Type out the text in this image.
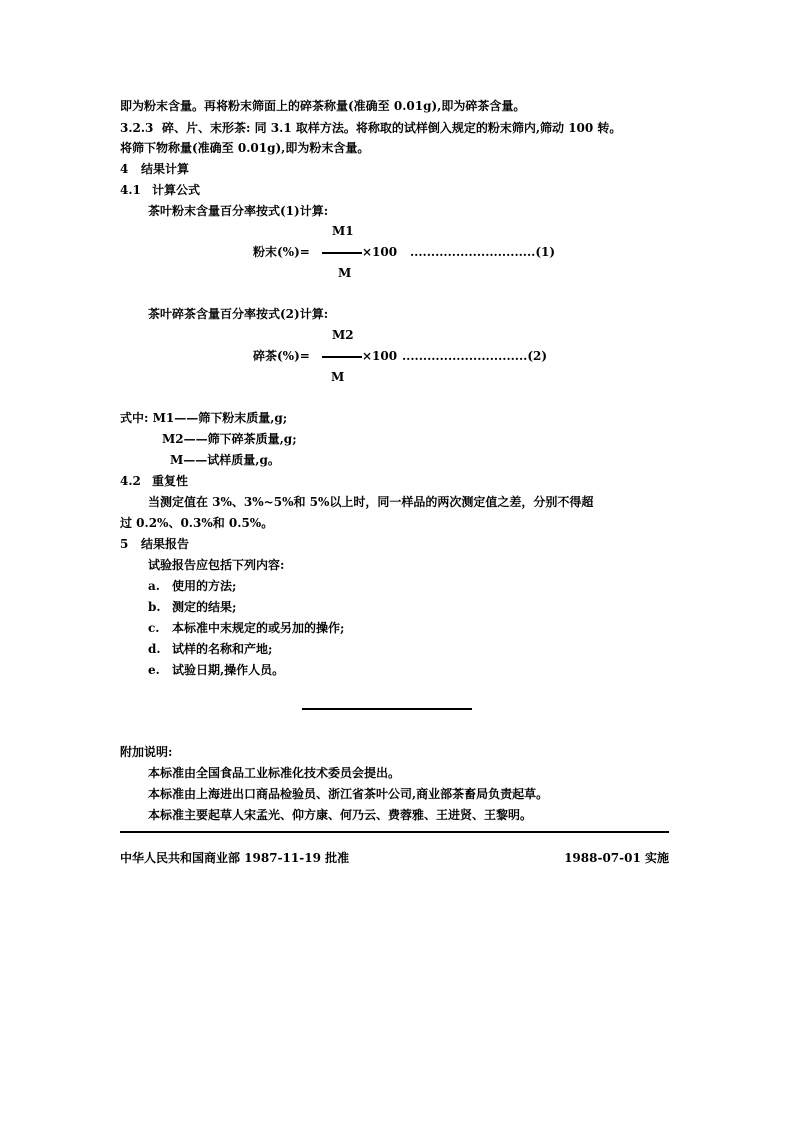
即为粉末含量。再将粉末筛面上的碎茶称量(准确至 0.01g),即为碎茶含量。
3.2.3 碎、片、末形茶: 同 3.1 取样方法。将称取的试样倒入规定的粉末筛内,筛动 100 转。
将筛下物称量(准确至 0.01g),即为粉末含量。
4 结果计算
4.1 计算公式
茶叶粉末含量百分率按式(1)计算:
M1
粉末(%)=	×100 ..............................(1)
M
茶叶碎茶含量百分率按式(2)计算:
M2
碎茶(%)=	×100 ..............................(2)
M
式中: M1——筛下粉末质量,g;
M2——筛下碎茶质量,g;
M——试样质量,g。
4.2 重复性
当测定值在 3%、3%~5%和 5%以上时，同一样品的两次测定值之差，分别不得超
过 0.2%、0.3%和 0.5%。
5 结果报告
试验报告应包括下列内容:
a. 使用的方法;
b. 测定的结果;
c. 本标准中末规定的或另加的操作;
d. 试样的名称和产地;
e. 试验日期,操作人员。
附加说明:
本标准由全国食品工业标准化技术委员会提出。
本标准由上海进出口商品检验员、浙江省茶叶公司,商业部茶畜局负责起草。
本标准主要起草人宋孟光、仰方康、何乃云、费蓉雅、王进贤、王黎明。
中华人民共和国商业部 1987-11-19 批准	1988-07-01 实施
